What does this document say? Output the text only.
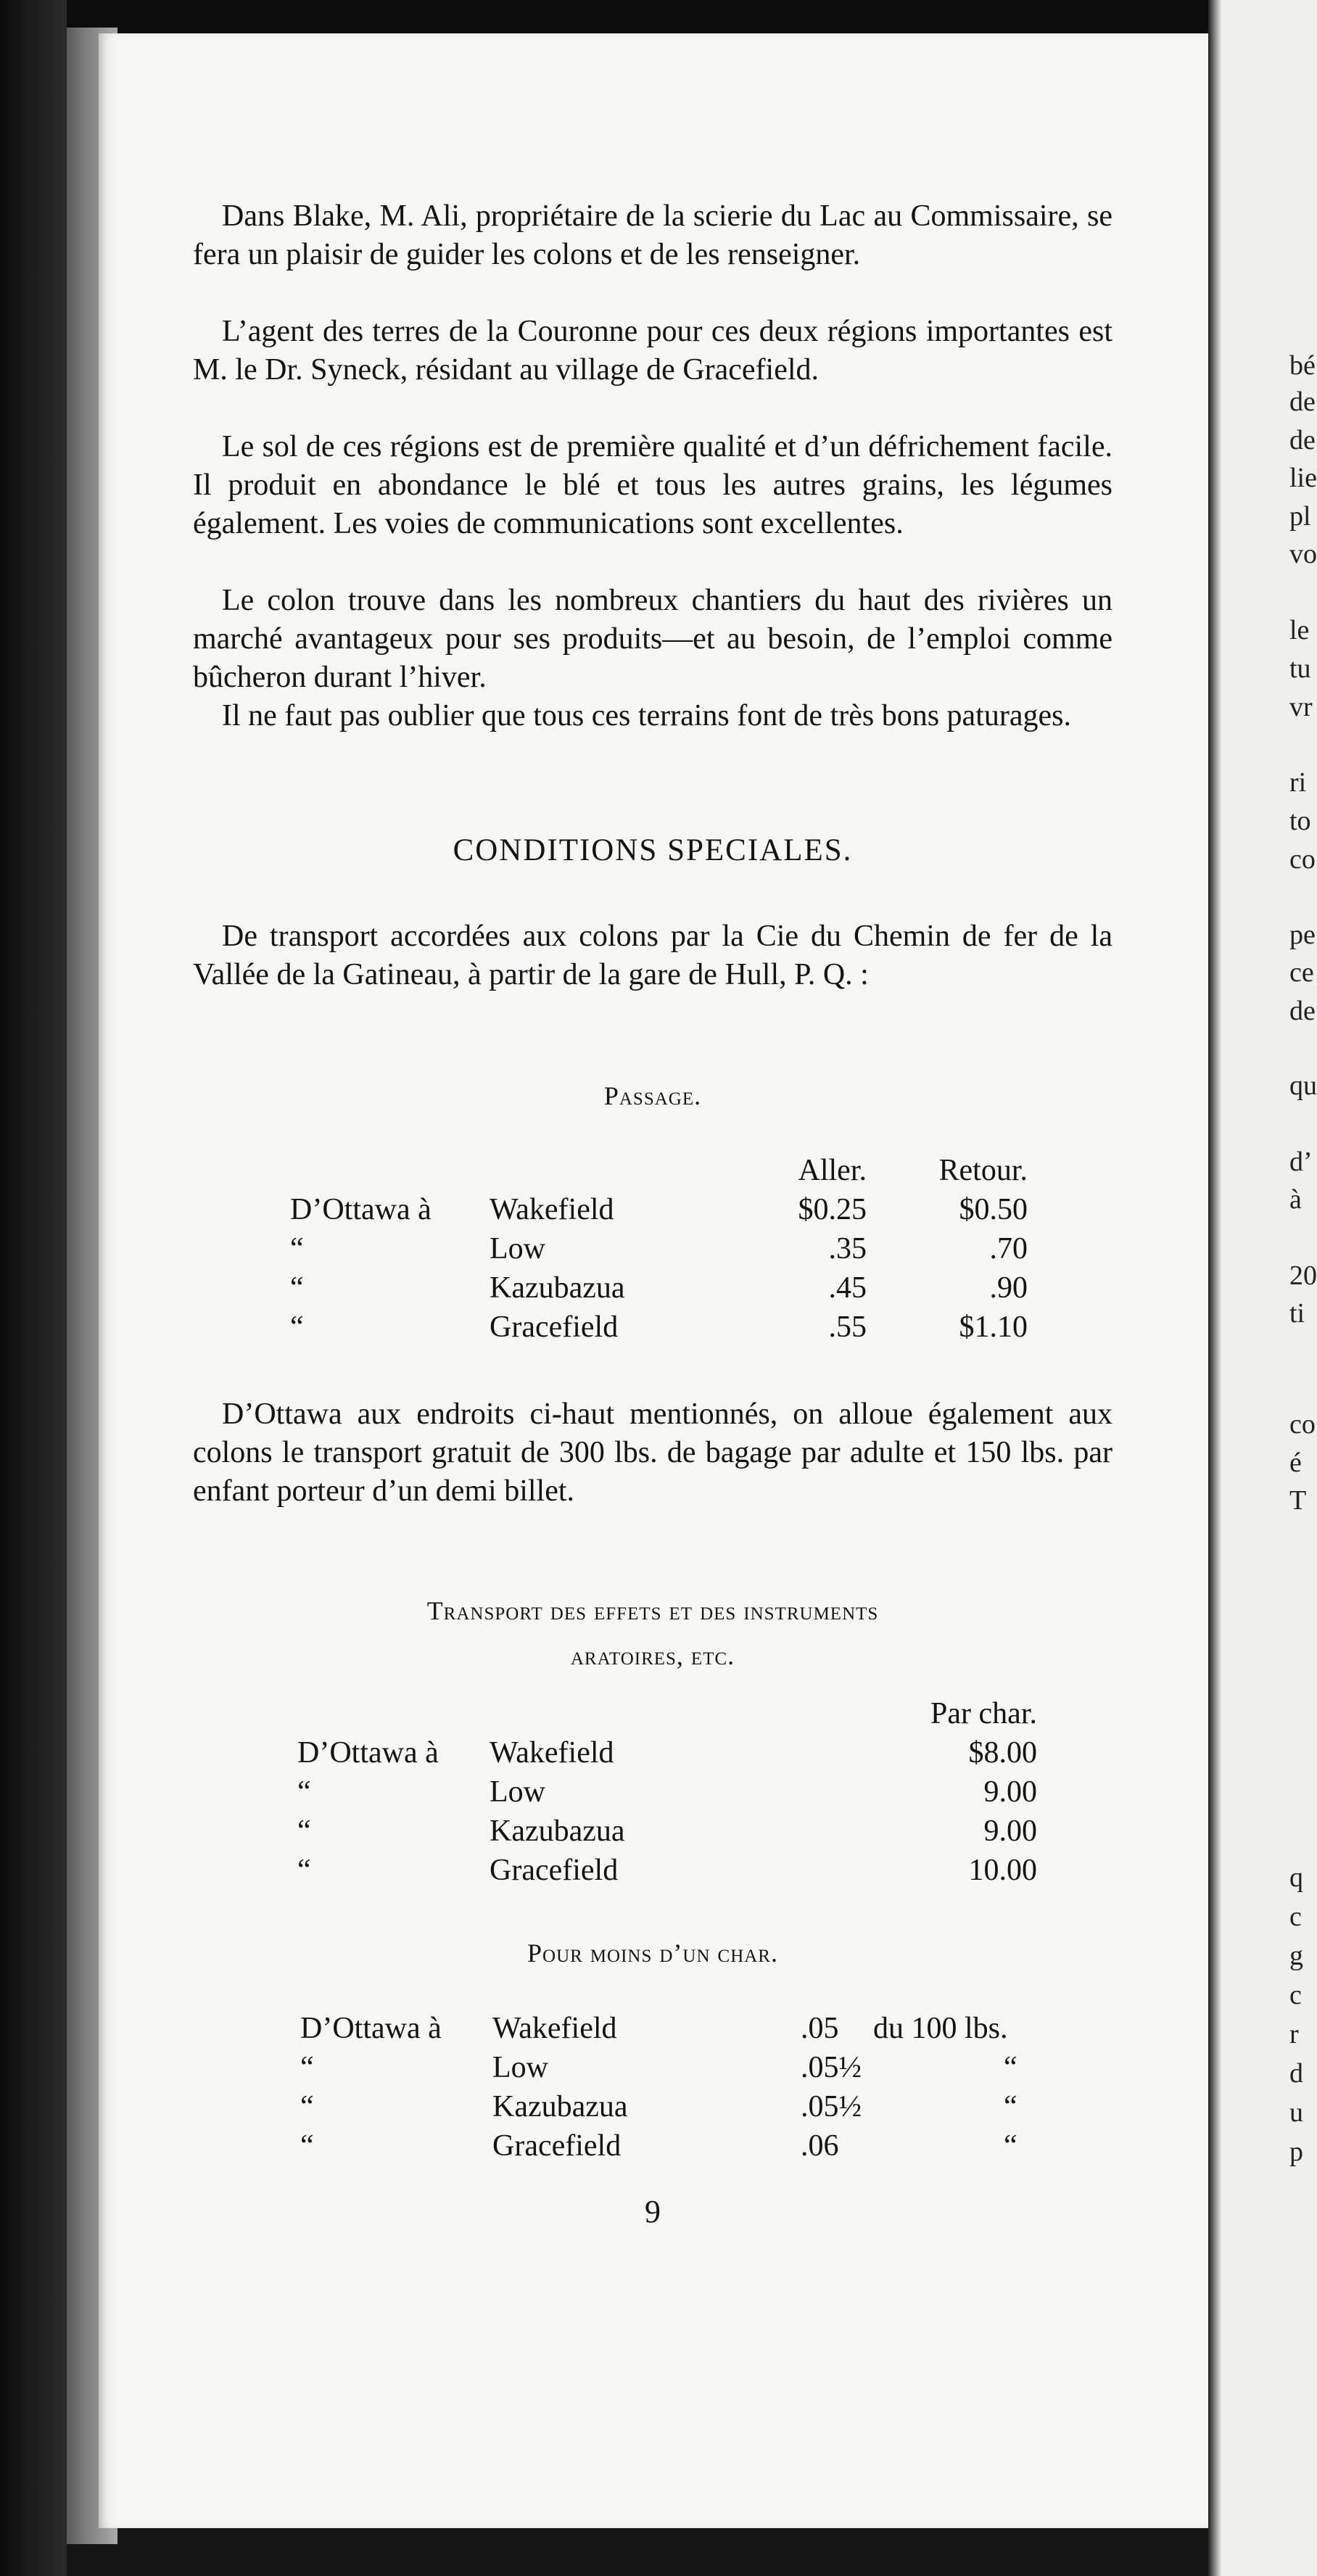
bé
de
de
lie
pl
vo
le
tu
vr
ri
to
co
pe
ce
de
qu
d’
à
20
ti
co
é
T
q
c
g
c
r
d
u
p

Dans Blake, M. Ali, propriétaire de la scierie du Lac au Commissaire, se fera un plaisir de guider les colons et de les renseigner.

L’agent des terres de la Couronne pour ces deux régions importantes est M. le Dr. Syneck, résidant au village de Gracefield.

Le sol de ces régions est de première qualité et d’un défrichement facile. Il produit en abondance le blé et tous les autres grains, les légumes également. Les voies de communications sont excellentes.

Le colon trouve dans les nombreux chantiers du haut des rivières un marché avantageux pour ses produits—et au besoin, de l’emploi comme bûcheron durant l’hiver.

Il ne faut pas oublier que tous ces terrains font de très bons paturages.

CONDITIONS SPECIALES.

De transport accordées aux colons par la Cie du Chemin de fer de la Vallée de la Gatineau, à partir de la gare de Hull, P. Q. :

Passage.

		Aller.	Retour.
D’Ottawa à	Wakefield	$0.25	$0.50
“	Low	.35	.70
“	Kazubazua	.45	.90
“	Gracefield	.55	$1.10

D’Ottawa aux endroits ci-haut mentionnés, on alloue également aux colons le transport gratuit de 300 lbs. de bagage par adulte et 150 lbs. par enfant porteur d’un demi billet.

Transport des effets et des instruments

aratoires, etc.

		Par char.
D’Ottawa à	Wakefield	$8.00
“	Low	9.00
“	Kazubazua	9.00
“	Gracefield	10.00

Pour moins d’un char.

D’Ottawa à	Wakefield	.05	du 100 lbs.
“	Low	.05½	“
“	Kazubazua	.05½	“
“	Gracefield	.06	“

9
